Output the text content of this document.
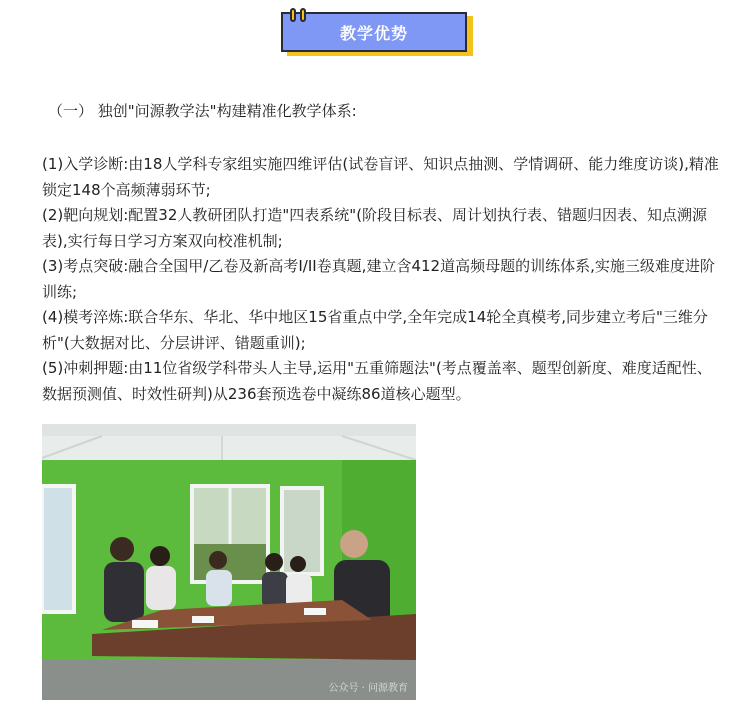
教学优势
（一） 独创"问源教学法"构建精准化教学体系:

(1)入学诊断:由18人学科专家组实施四维评估(试卷盲评、知识点抽测、学情调研、能力维度访谈),精准锁定148个高频薄弱环节;

(2)靶向规划:配置32人教研团队打造"四表系统"(阶段目标表、周计划执行表、错题归因表、知点溯源表),实行每日学习方案双向校准机制;

(3)考点突破:融合全国甲/乙卷及新高考I/II卷真题,建立含412道高频母题的训练体系,实施三级难度进阶训练;

(4)模考淬炼:联合华东、华北、华中地区15省重点中学,全年完成14轮全真模考,同步建立考后"三维分析"(大数据对比、分层讲评、错题重训);

(5)冲刺押题:由11位省级学科带头人主导,运用"五重筛题法"(考点覆盖率、题型创新度、难度适配性、数据预测值、时效性研判)从236套预选卷中凝练86道核心题型。

公众号 · 问源教育
